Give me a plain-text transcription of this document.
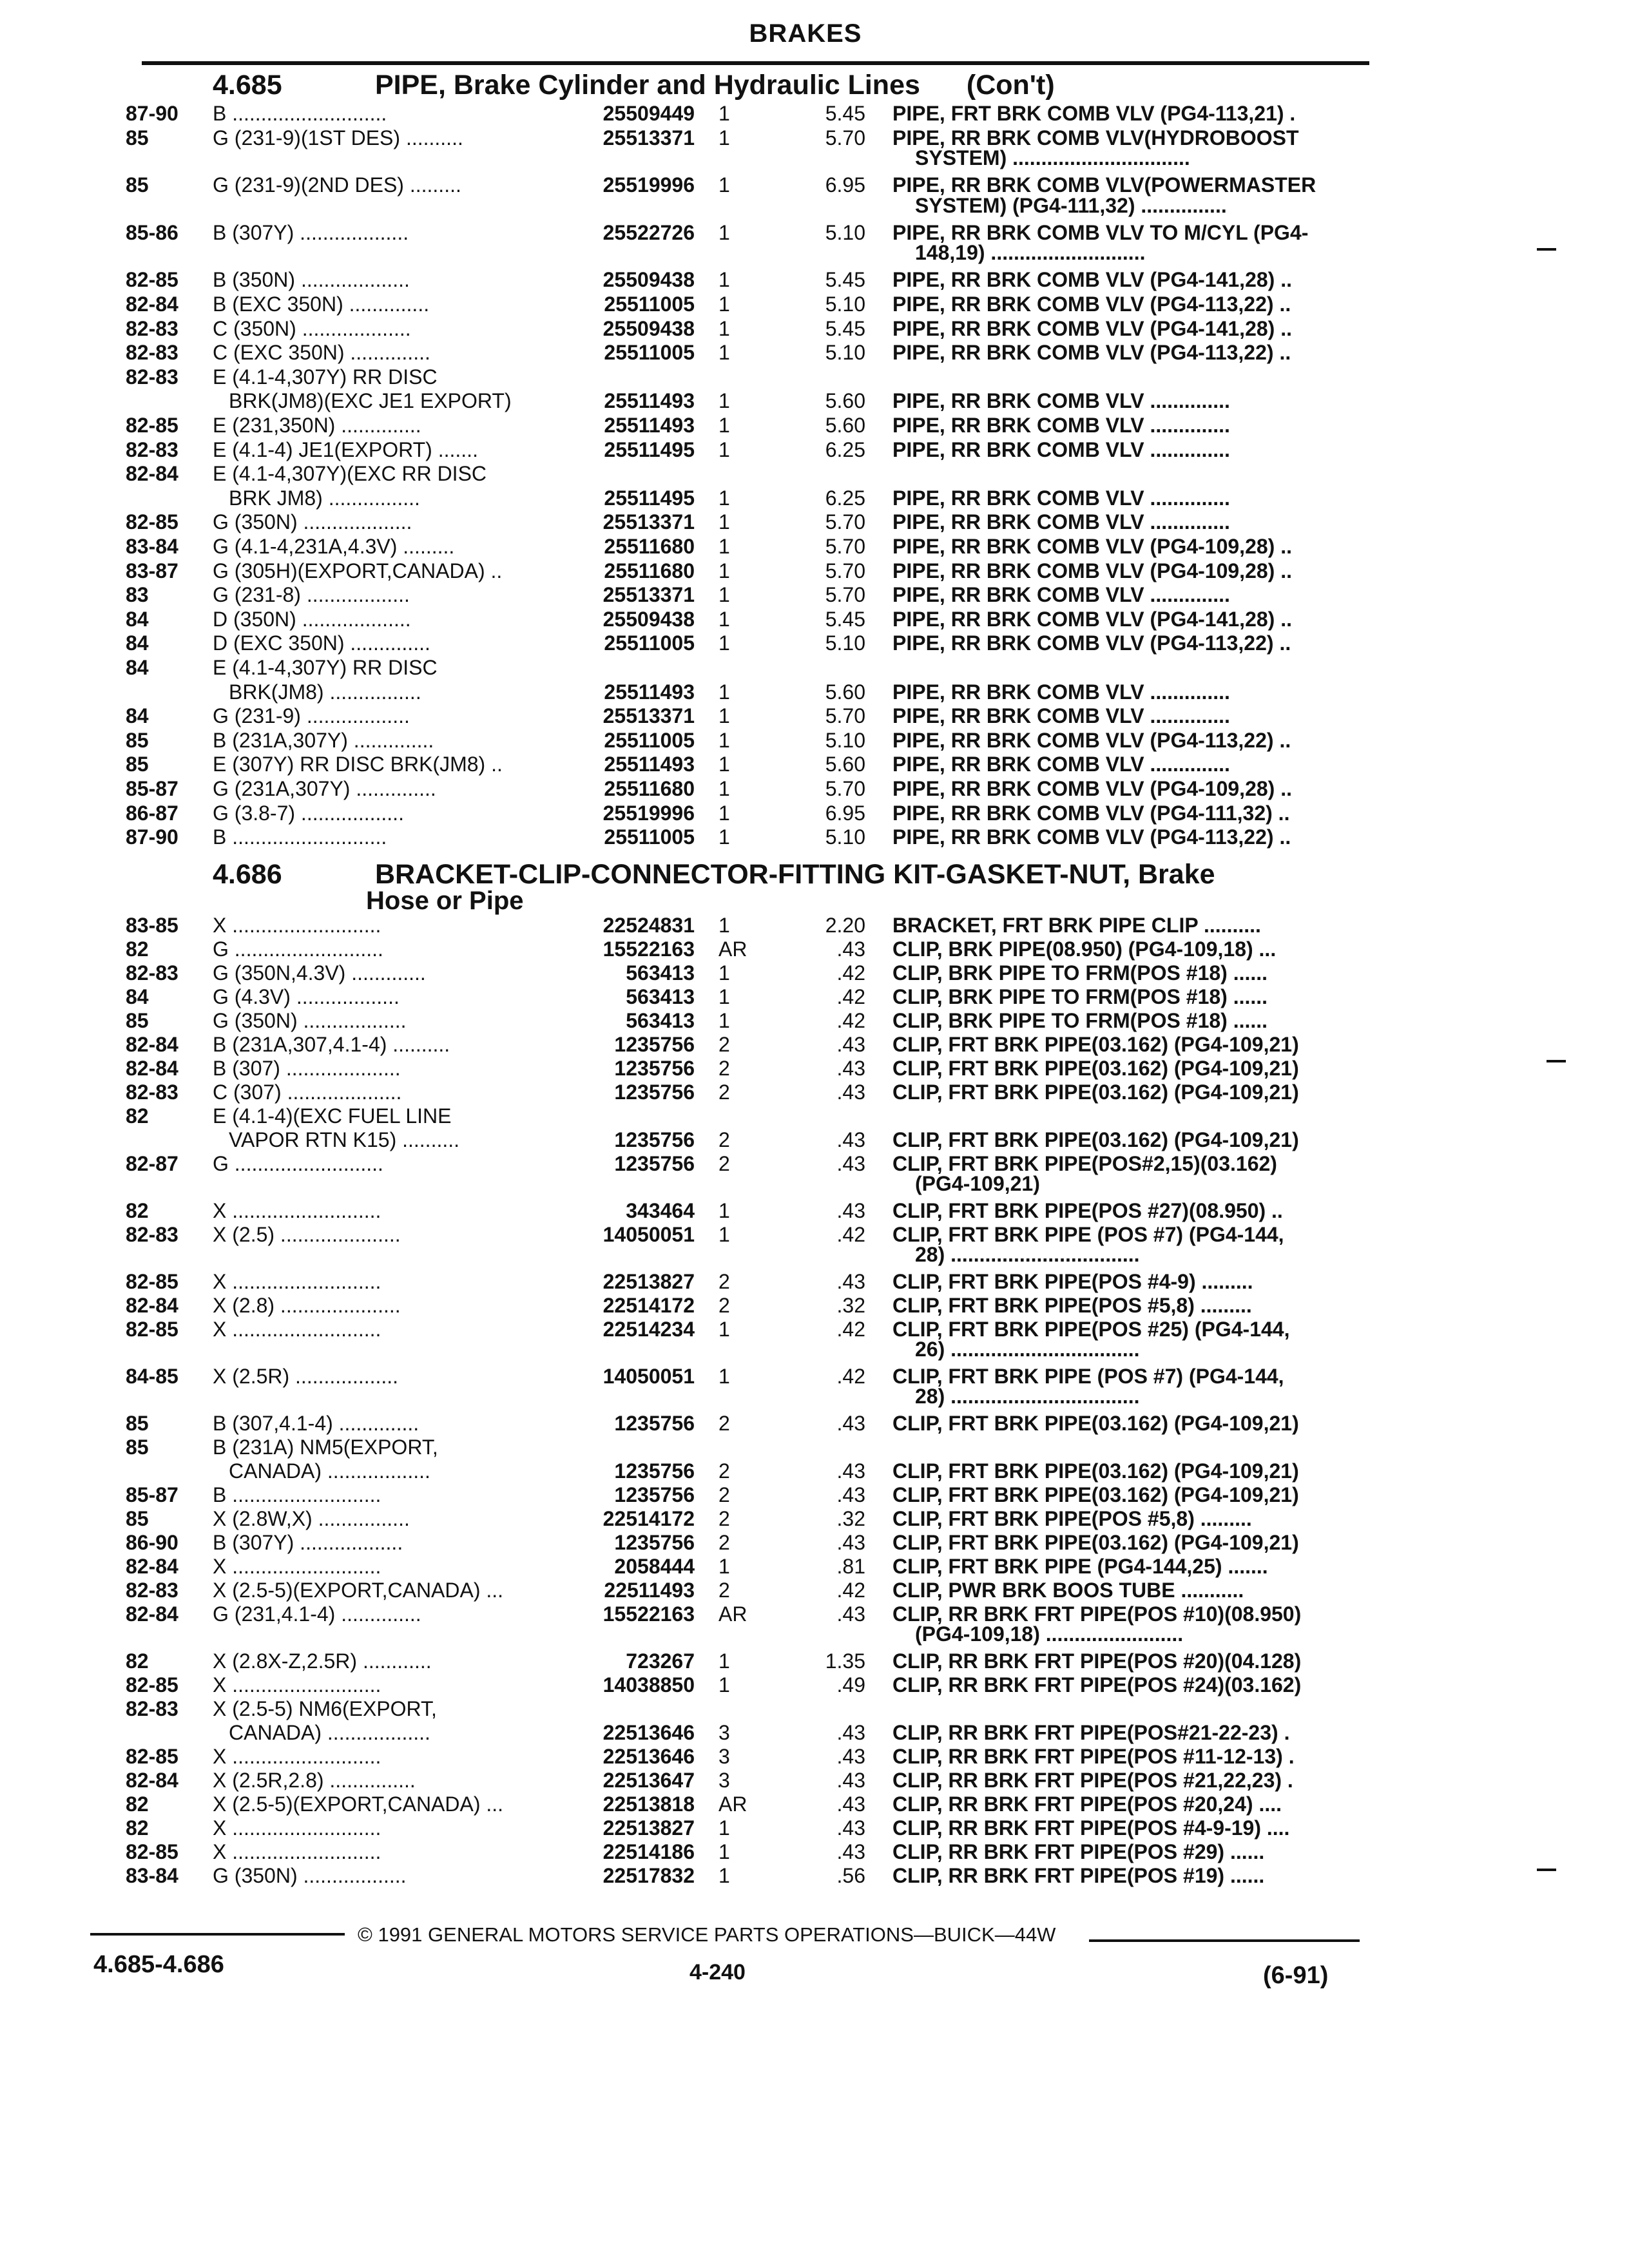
BRAKES
4.685	PIPE, Brake Cylinder and Hydraulic Lines (Con't)
87-90 B ...........................	25509449 1	5.45 PIPE, FRT BRK COMB VLV (PG4-113,21) .
85	G (231-9)(1ST DES) ..........	25513371 1	5.70 PIPE, RR BRK COMB VLV(HYDROBOOST
SYSTEM) ...............................
85	G (231-9)(2ND DES) .........	25519996 1	6.95 PIPE, RR BRK COMB VLV(POWERMASTER
SYSTEM) (PG4-111,32) ...............
85-86 B (307Y) ...................	25522726 1	5.10 PIPE, RR BRK COMB VLV TO M/CYL (PG4-
148,19) ...........................
82-85 B (350N) ...................	25509438 1	5.45 PIPE, RR BRK COMB VLV (PG4-141,28) ..
82-84 B (EXC 350N) ..............	25511005 1	5.10 PIPE, RR BRK COMB VLV (PG4-113,22) ..
82-83 C (350N) ...................	25509438 1	5.45 PIPE, RR BRK COMB VLV (PG4-141,28) ..
82-83 C (EXC 350N) ..............	25511005 1	5.10 PIPE, RR BRK COMB VLV (PG4-113,22) ..
82-83 E (4.1-4,307Y) RR DISC
BRK(JM8)(EXC JE1 EXPORT)	25511493 1	5.60 PIPE, RR BRK COMB VLV ..............
82-85 E (231,350N) ..............	25511493 1	5.60 PIPE, RR BRK COMB VLV ..............
82-83 E (4.1-4) JE1(EXPORT) .......	25511495 1	6.25 PIPE, RR BRK COMB VLV ..............
82-84 E (4.1-4,307Y)(EXC RR DISC
BRK JM8) ................	25511495 1	6.25 PIPE, RR BRK COMB VLV ..............
82-85 G (350N) ...................	25513371 1	5.70 PIPE, RR BRK COMB VLV ..............
83-84 G (4.1-4,231A,4.3V) .........	25511680 1	5.70 PIPE, RR BRK COMB VLV (PG4-109,28) ..
83-87 G (305H)(EXPORT,CANADA) ..	25511680 1	5.70 PIPE, RR BRK COMB VLV (PG4-109,28) ..
83	G (231-8) ..................	25513371 1	5.70 PIPE, RR BRK COMB VLV ..............
84	D (350N) ...................	25509438 1	5.45 PIPE, RR BRK COMB VLV (PG4-141,28) ..
84	D (EXC 350N) ..............	25511005 1	5.10 PIPE, RR BRK COMB VLV (PG4-113,22) ..
84	E (4.1-4,307Y) RR DISC
BRK(JM8) ................	25511493 1	5.60 PIPE, RR BRK COMB VLV ..............
84	G (231-9) ..................	25513371 1	5.70 PIPE, RR BRK COMB VLV ..............
85	B (231A,307Y) ..............	25511005 1	5.10 PIPE, RR BRK COMB VLV (PG4-113,22) ..
85	E (307Y) RR DISC BRK(JM8) ..	25511493 1	5.60 PIPE, RR BRK COMB VLV ..............
85-87 G (231A,307Y) ..............	25511680 1	5.70 PIPE, RR BRK COMB VLV (PG4-109,28) ..
86-87 G (3.8-7) ..................	25519996 1	6.95 PIPE, RR BRK COMB VLV (PG4-111,32) ..
87-90 B ...........................	25511005 1	5.10 PIPE, RR BRK COMB VLV (PG4-113,22) ..
4.686	BRACKET-CLIP-CONNECTOR-FITTING KIT-GASKET-NUT, Brake
Hose or Pipe
83-85 X ..........................	22524831 1	2.20 BRACKET, FRT BRK PIPE CLIP ..........
82	G ..........................	15522163 AR	.43 CLIP, BRK PIPE(08.950) (PG4-109,18) ...
82-83 G (350N,4.3V) .............	563413 1	.42 CLIP, BRK PIPE TO FRM(POS #18) ......
84	G (4.3V) ..................	563413 1	.42 CLIP, BRK PIPE TO FRM(POS #18) ......
85	G (350N) ..................	563413 1	.42 CLIP, BRK PIPE TO FRM(POS #18) ......
82-84 B (231A,307,4.1-4) ..........	1235756 2	.43 CLIP, FRT BRK PIPE(03.162) (PG4-109,21)
82-84 B (307) ....................	1235756 2	.43 CLIP, FRT BRK PIPE(03.162) (PG4-109,21)
82-83 C (307) ....................	1235756 2	.43 CLIP, FRT BRK PIPE(03.162) (PG4-109,21)
82	E (4.1-4)(EXC FUEL LINE
VAPOR RTN K15) ..........	1235756 2	.43 CLIP, FRT BRK PIPE(03.162) (PG4-109,21)
82-87 G ..........................	1235756 2	.43 CLIP, FRT BRK PIPE(POS#2,15)(03.162)
(PG4-109,21)
82	X ..........................	343464 1	.43 CLIP, FRT BRK PIPE(POS #27)(08.950) ..
82-83 X (2.5) .....................	14050051 1	.42 CLIP, FRT BRK PIPE (POS #7) (PG4-144,
28) .................................
82-85 X ..........................	22513827 2	.43 CLIP, FRT BRK PIPE(POS #4-9) .........
82-84 X (2.8) .....................	22514172 2	.32 CLIP, FRT BRK PIPE(POS #5,8) .........
82-85 X ..........................	22514234 1	.42 CLIP, FRT BRK PIPE(POS #25) (PG4-144,
26) .................................
84-85 X (2.5R) ..................	14050051 1	.42 CLIP, FRT BRK PIPE (POS #7) (PG4-144,
28) .................................
85	B (307,4.1-4) ..............	1235756 2	.43 CLIP, FRT BRK PIPE(03.162) (PG4-109,21)
85	B (231A) NM5(EXPORT,
CANADA) ..................	1235756 2	.43 CLIP, FRT BRK PIPE(03.162) (PG4-109,21)
85-87 B ..........................	1235756 2	.43 CLIP, FRT BRK PIPE(03.162) (PG4-109,21)
85	X (2.8W,X) ................	22514172 2	.32 CLIP, FRT BRK PIPE(POS #5,8) .........
86-90 B (307Y) ..................	1235756 2	.43 CLIP, FRT BRK PIPE(03.162) (PG4-109,21)
82-84 X ..........................	2058444 1	.81 CLIP, FRT BRK PIPE (PG4-144,25) .......
82-83 X (2.5-5)(EXPORT,CANADA) ...	22511493 2	.42 CLIP, PWR BRK BOOS TUBE ...........
82-84 G (231,4.1-4) ..............	15522163 AR	.43 CLIP, RR BRK FRT PIPE(POS #10)(08.950)
(PG4-109,18) ........................
82	X (2.8X-Z,2.5R) ............	723267 1	1.35 CLIP, RR BRK FRT PIPE(POS #20)(04.128)
82-85 X ..........................	14038850 1	.49 CLIP, RR BRK FRT PIPE(POS #24)(03.162)
82-83 X (2.5-5) NM6(EXPORT,
CANADA) ..................	22513646 3	.43 CLIP, RR BRK FRT PIPE(POS#21-22-23) .
82-85 X ..........................	22513646 3	.43 CLIP, RR BRK FRT PIPE(POS #11-12-13) .
82-84 X (2.5R,2.8) ...............	22513647 3	.43 CLIP, RR BRK FRT PIPE(POS #21,22,23) .
82	X (2.5-5)(EXPORT,CANADA) ...	22513818 AR	.43 CLIP, RR BRK FRT PIPE(POS #20,24) ....
82	X ..........................	22513827 1	.43 CLIP, RR BRK FRT PIPE(POS #4-9-19) ....
82-85 X ..........................	22514186 1	.43 CLIP, RR BRK FRT PIPE(POS #29) ......
83-84 G (350N) ..................	22517832 1	.56 CLIP, RR BRK FRT PIPE(POS #19) ......
© 1991 GENERAL MOTORS SERVICE PARTS OPERATIONS—BUICK—44W
4.685-4.686	4-240	(6-91)
